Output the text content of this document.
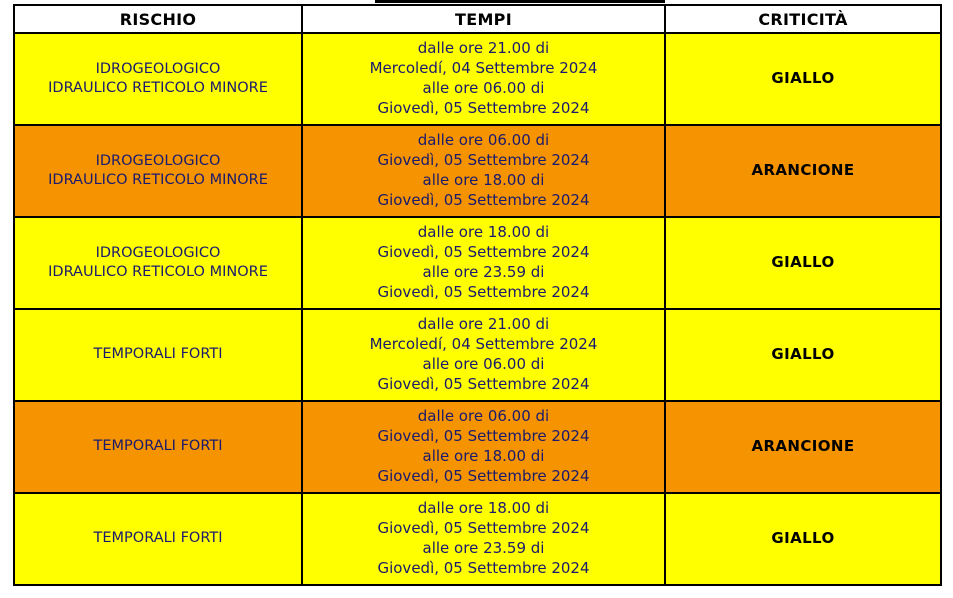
RISCHIO	TEMPI	CRITICITÀ

IDROGEOLOGICO
IDRAULICO RETICOLO MINORE	dalle ore 21.00 di
Mercoledí, 04 Settembre 2024
alle ore 06.00 di
Giovedì, 05 Settembre 2024	GIALLO

IDROGEOLOGICO
IDRAULICO RETICOLO MINORE	dalle ore 06.00 di
Giovedì, 05 Settembre 2024
alle ore 18.00 di
Giovedì, 05 Settembre 2024	ARANCIONE

IDROGEOLOGICO
IDRAULICO RETICOLO MINORE	dalle ore 18.00 di
Giovedì, 05 Settembre 2024
alle ore 23.59 di
Giovedì, 05 Settembre 2024	GIALLO

TEMPORALI FORTI	dalle ore 21.00 di
Mercoledí, 04 Settembre 2024
alle ore 06.00 di
Giovedì, 05 Settembre 2024	GIALLO

TEMPORALI FORTI	dalle ore 06.00 di
Giovedì, 05 Settembre 2024
alle ore 18.00 di
Giovedì, 05 Settembre 2024	ARANCIONE

TEMPORALI FORTI	dalle ore 18.00 di
Giovedì, 05 Settembre 2024
alle ore 23.59 di
Giovedì, 05 Settembre 2024	GIALLO
